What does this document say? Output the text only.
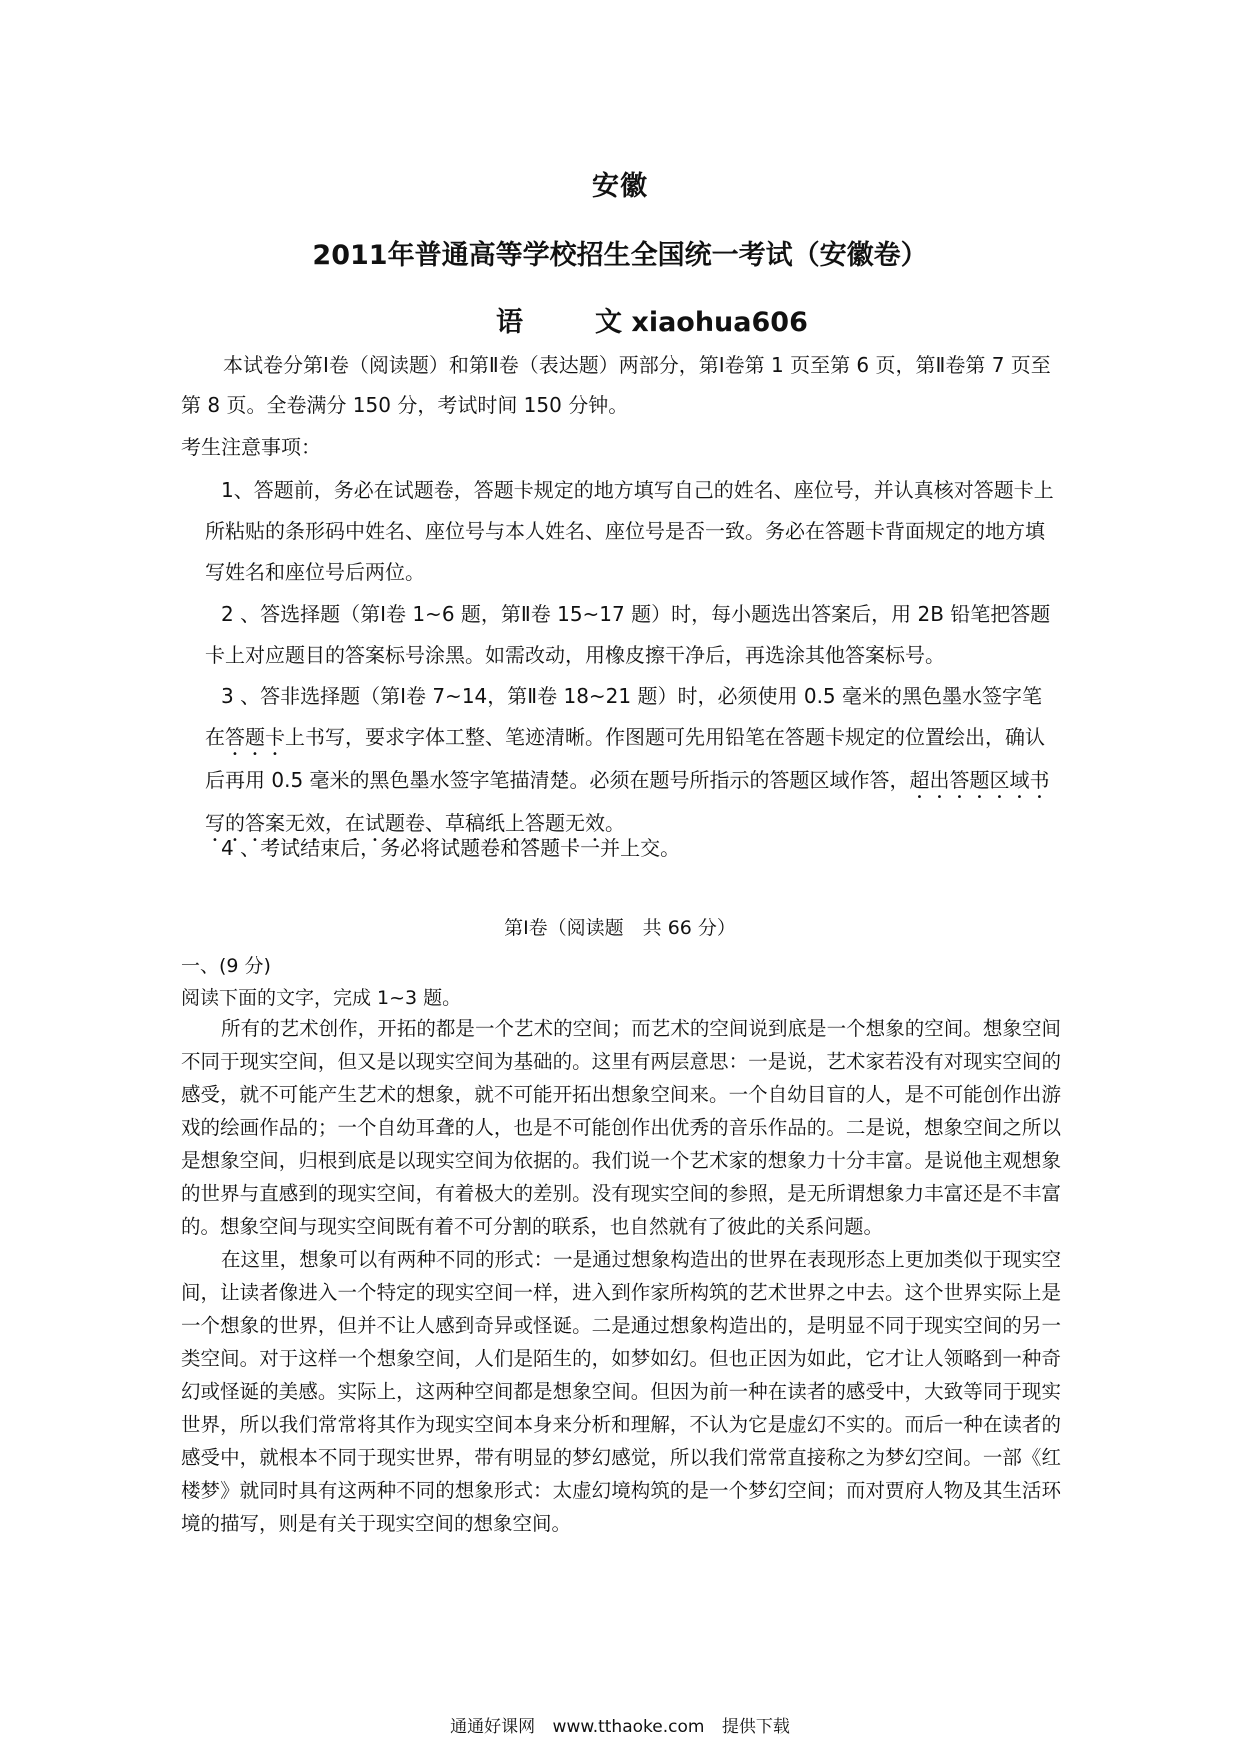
安徽
2011年普通高等学校招生全国统一考试（安徽卷）
语	文 xiaohua606

本试卷分第Ⅰ卷（阅读题）和第Ⅱ卷（表达题）两部分，第Ⅰ卷第 1 页至第 6 页，第Ⅱ卷第 7 页至第 8 页。全卷满分 150 分，考试时间 150 分钟。

考生注意事项：

1、答题前，务必在试题卷，答题卡规定的地方填写自己的姓名、座位号，并认真核对答题卡上所粘贴的条形码中姓名、座位号与本人姓名、座位号是否一致。务必在答题卡背面规定的地方填写姓名和座位号后两位。

2 、答选择题（第Ⅰ卷 1~6 题，第Ⅱ卷 15~17 题）时，每小题选出答案后，用 2B 铅笔把答题卡上对应题目的答案标号涂黑。如需改动，用橡皮擦干净后，再选涂其他答案标号。

3 、答非选择题（第Ⅰ卷 7~14，第Ⅱ卷 18~21 题）时，必须使用 0.5 毫米的黑色墨水签字笔在答题卡上书写，要求字体工整、笔迹清晰。作图题可先用铅笔在答题卡规定的位置绘出，确认后再用 0.5 毫米的黑色墨水签字笔描清楚。必须在题号所指示的答题区域作答，超出答题区域书写的答案无效，在试题卷、草稿纸上答题无效。

4 、考试结束后，务必将试题卷和答题卡一并上交。

第Ⅰ卷（阅读题　共 66 分）
一、(9 分)
阅读下面的文字，完成 1~3 题。

所有的艺术创作，开拓的都是一个艺术的空间；而艺术的空间说到底是一个想象的空间。想象空间不同于现实空间，但又是以现实空间为基础的。这里有两层意思：一是说，艺术家若没有对现实空间的感受，就不可能产生艺术的想象，就不可能开拓出想象空间来。一个自幼目盲的人，是不可能创作出游戏的绘画作品的；一个自幼耳聋的人，也是不可能创作出优秀的音乐作品的。二是说，想象空间之所以是想象空间，归根到底是以现实空间为依据的。我们说一个艺术家的想象力十分丰富。是说他主观想象的世界与直感到的现实空间，有着极大的差别。没有现实空间的参照，是无所谓想象力丰富还是不丰富的。想象空间与现实空间既有着不可分割的联系，也自然就有了彼此的关系问题。

在这里，想象可以有两种不同的形式：一是通过想象构造出的世界在表现形态上更加类似于现实空间，让读者像进入一个特定的现实空间一样，进入到作家所构筑的艺术世界之中去。这个世界实际上是一个想象的世界，但并不让人感到奇异或怪诞。二是通过想象构造出的，是明显不同于现实空间的另一类空间。对于这样一个想象空间，人们是陌生的，如梦如幻。但也正因为如此，它才让人领略到一种奇幻或怪诞的美感。实际上，这两种空间都是想象空间。但因为前一种在读者的感受中，大致等同于现实世界，所以我们常常将其作为现实空间本身来分析和理解，不认为它是虚幻不实的。而后一种在读者的感受中，就根本不同于现实世界，带有明显的梦幻感觉，所以我们常常直接称之为梦幻空间。一部《红楼梦》就同时具有这两种不同的想象形式：太虚幻境构筑的是一个梦幻空间；而对贾府人物及其生活环境的描写，则是有关于现实空间的想象空间。

通通好课网 www.tthaoke.com 提供下载
